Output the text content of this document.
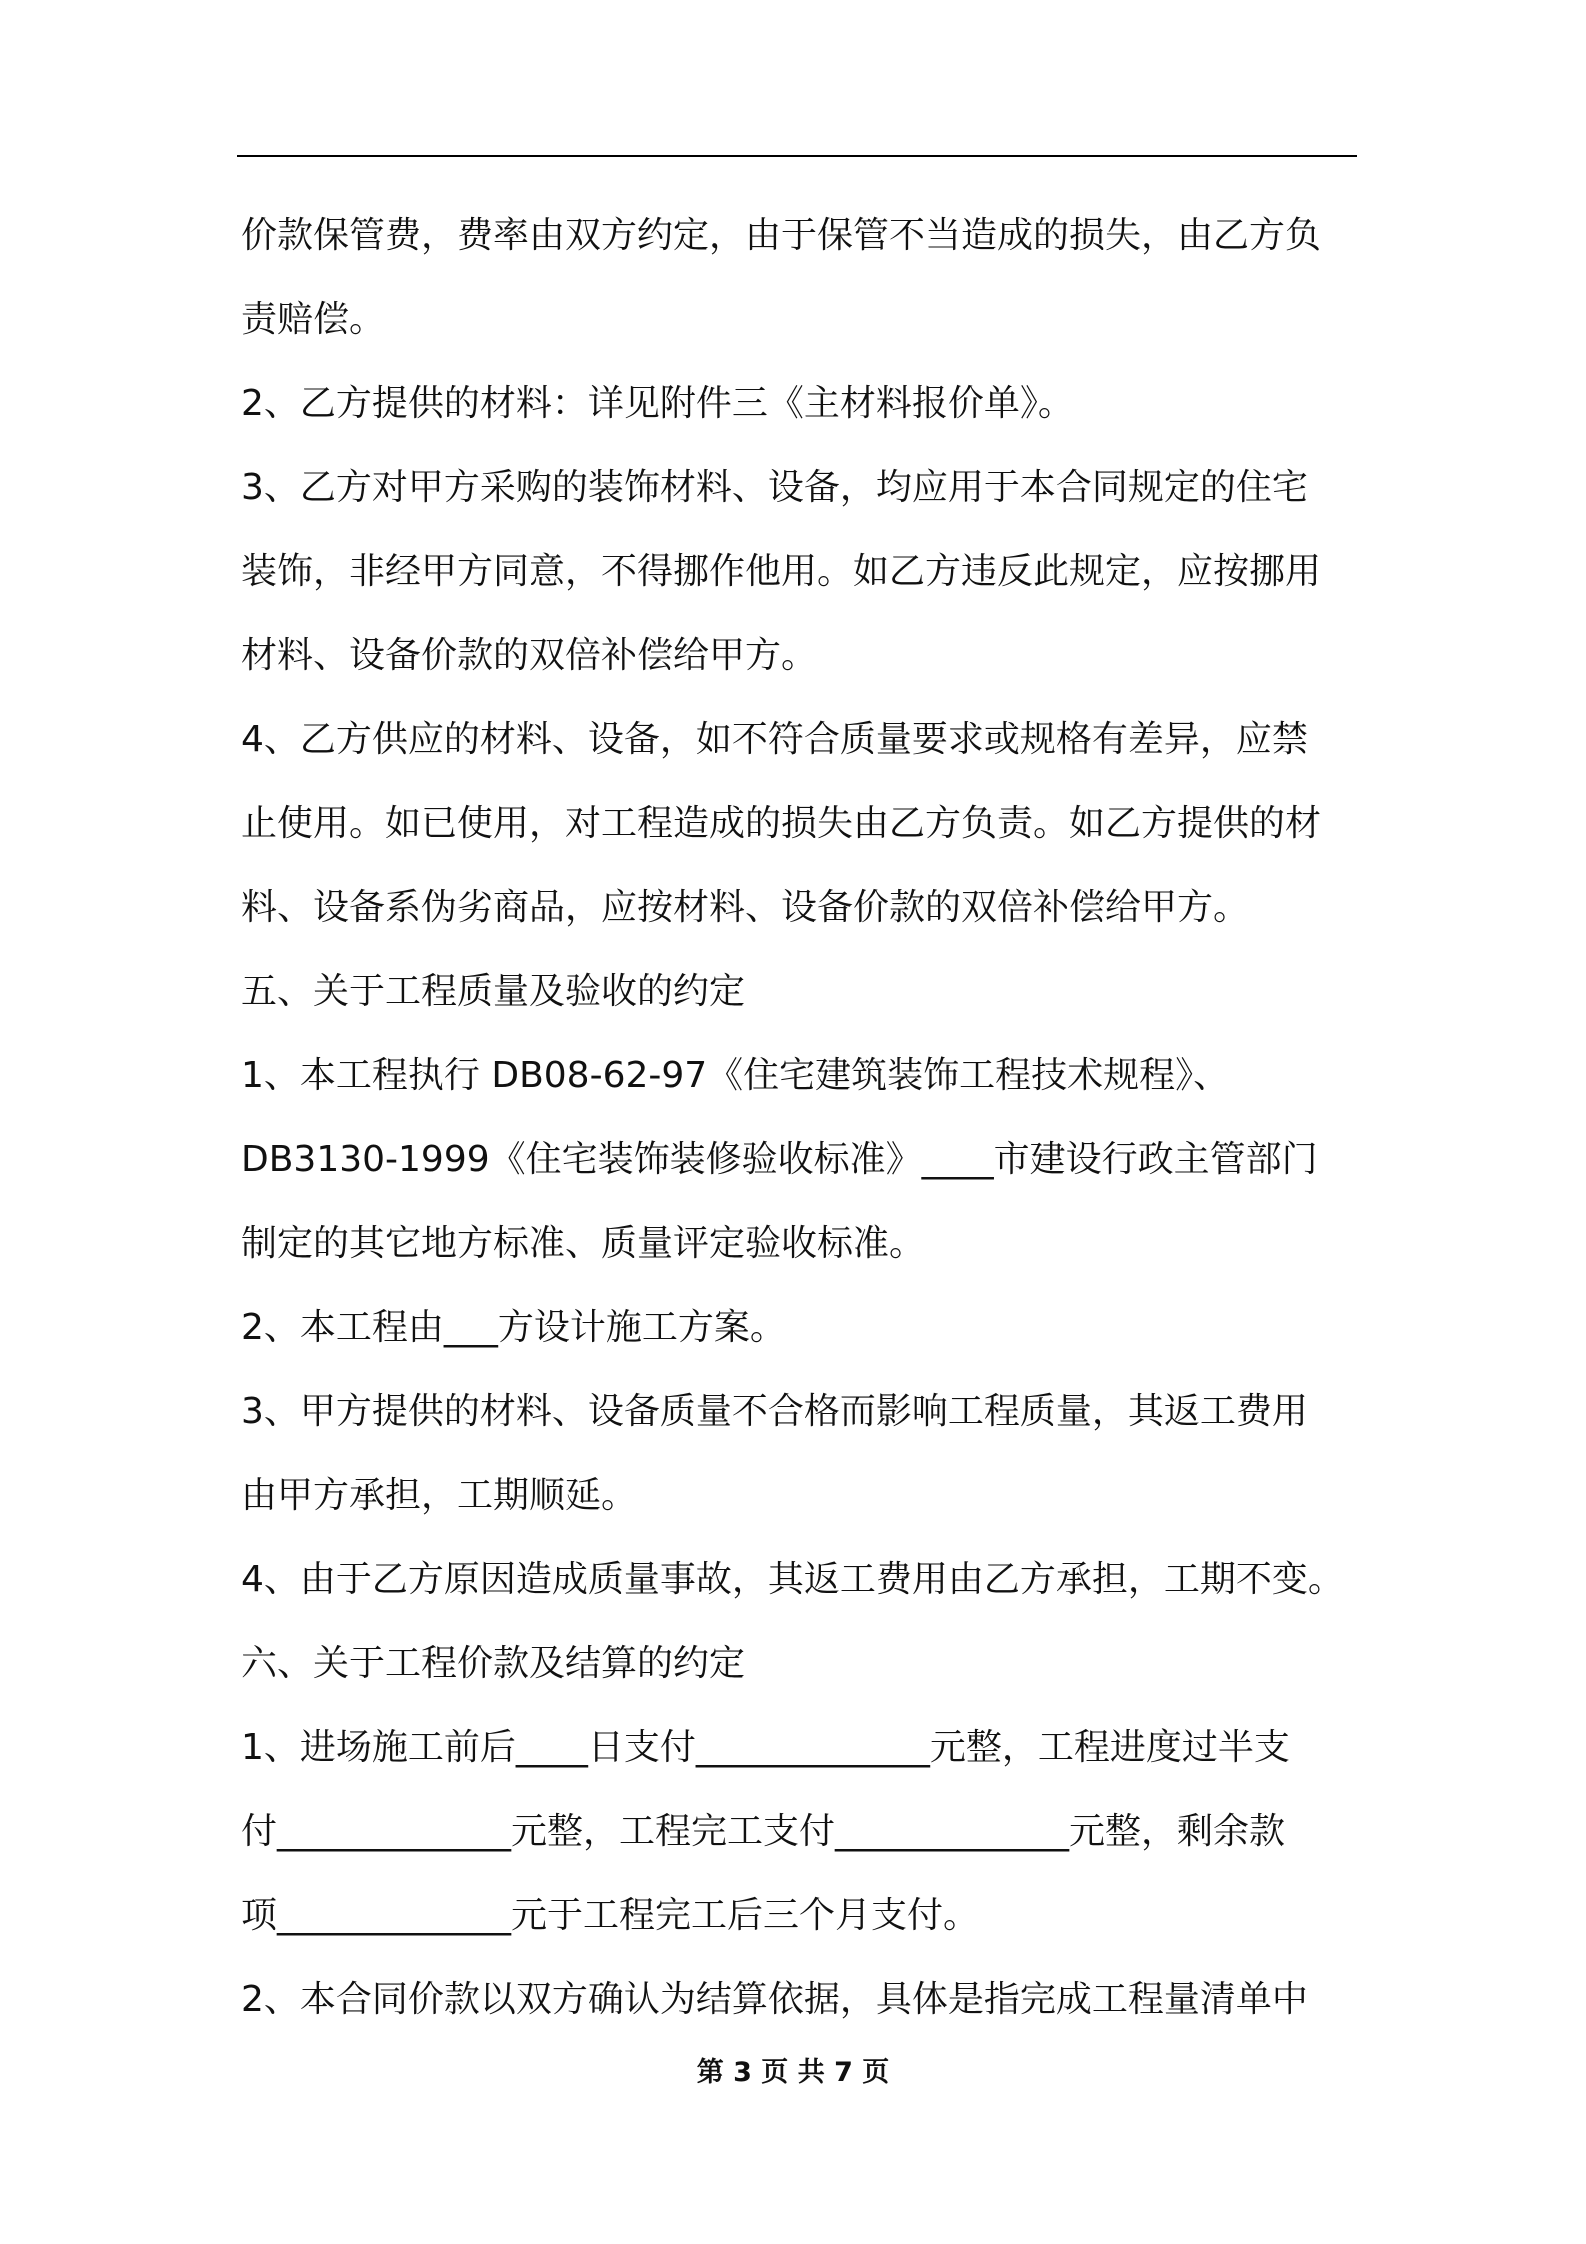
价款保管费，费率由双方约定，由于保管不当造成的损失，由乙方负
责赔偿。
2、乙方提供的材料：详见附件三《主材料报价单》。
3、乙方对甲方采购的装饰材料、设备，均应用于本合同规定的住宅
装饰，非经甲方同意，不得挪作他用。如乙方违反此规定，应按挪用
材料、设备价款的双倍补偿给甲方。
4、乙方供应的材料、设备，如不符合质量要求或规格有差异，应禁
止使用。如已使用，对工程造成的损失由乙方负责。如乙方提供的材
料、设备系伪劣商品，应按材料、设备价款的双倍补偿给甲方。
五、关于工程质量及验收的约定
1、本工程执行 DB08-62-97《住宅建筑装饰工程技术规程》、
DB3130-1999《住宅装饰装修验收标准》____市建设行政主管部门
制定的其它地方标准、质量评定验收标准。
2、本工程由___方设计施工方案。
3、甲方提供的材料、设备质量不合格而影响工程质量，其返工费用
由甲方承担，工期顺延。
4、由于乙方原因造成质量事故，其返工费用由乙方承担，工期不变。
六、关于工程价款及结算的约定
1、进场施工前后____日支付_____________元整，工程进度过半支
付_____________元整，工程完工支付_____________元整，剩余款
项_____________元于工程完工后三个月支付。
2、本合同价款以双方确认为结算依据，具体是指完成工程量清单中
第 3 页 共 7 页
